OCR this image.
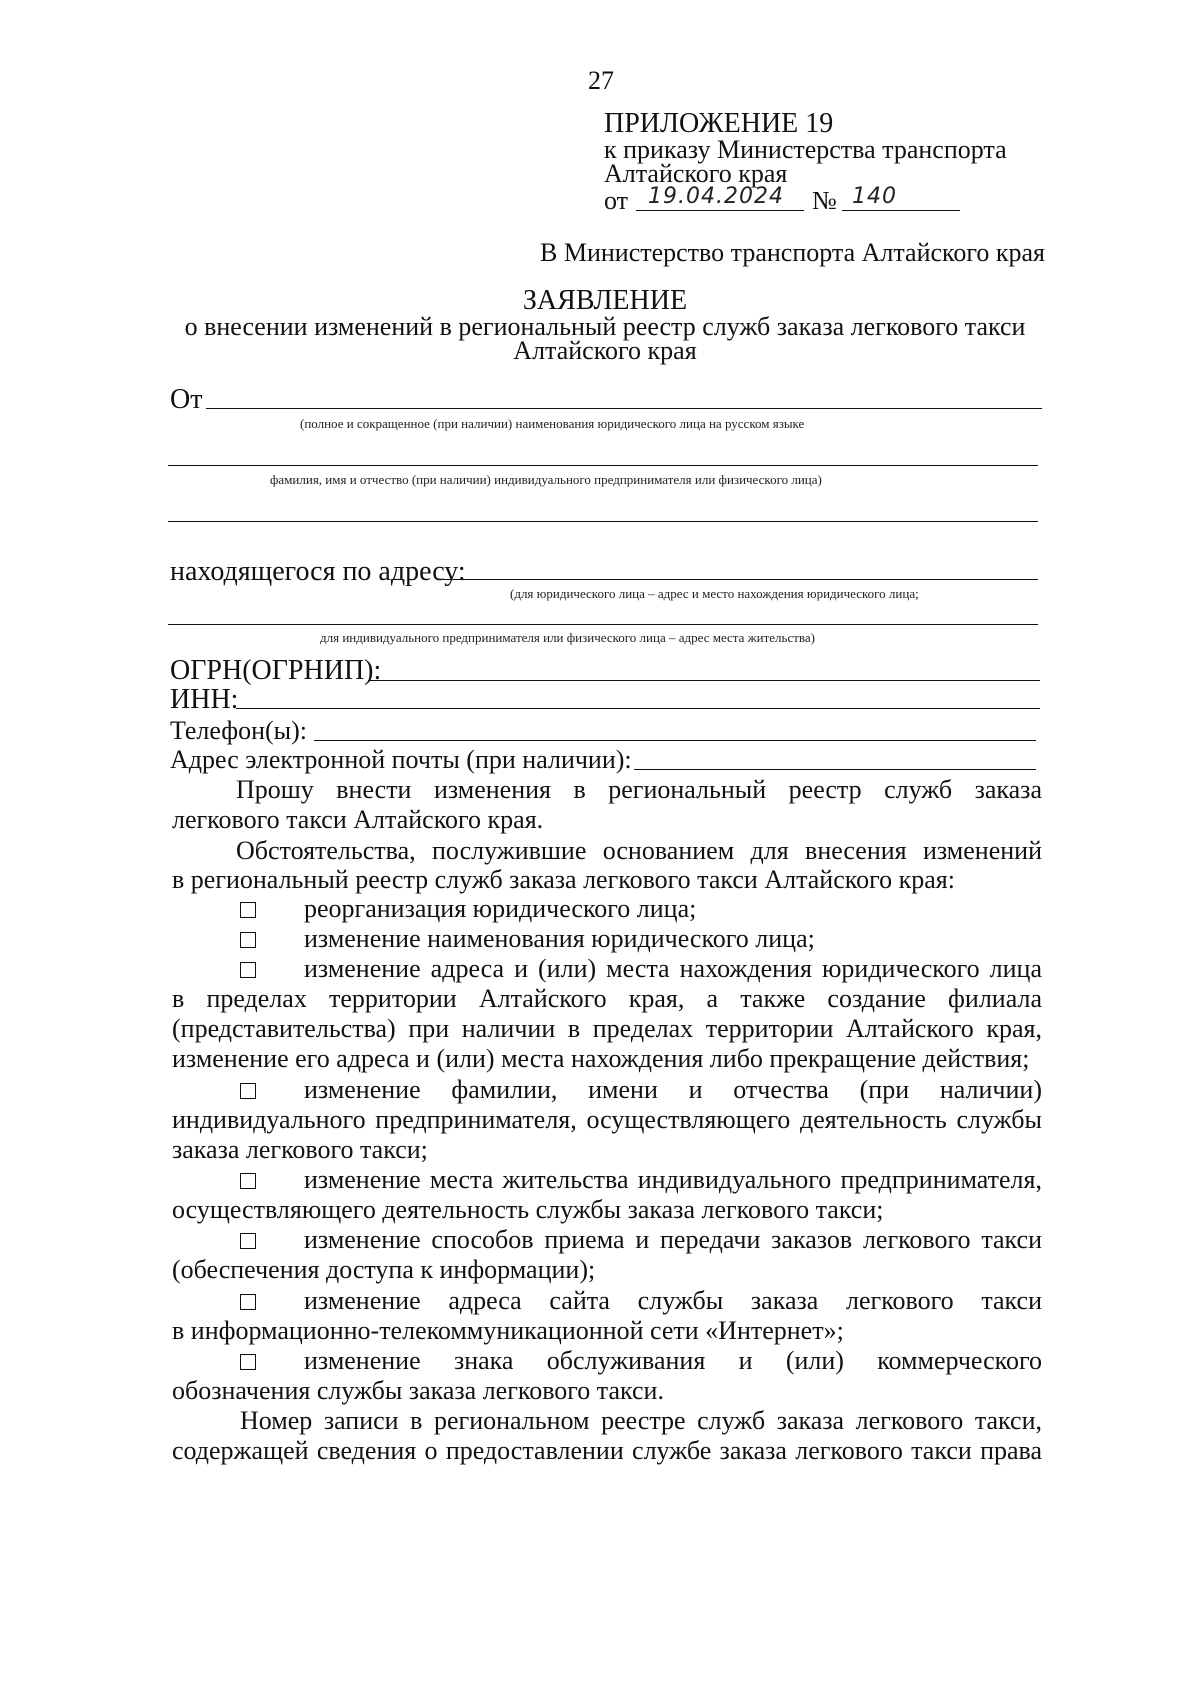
27
ПРИЛОЖЕНИЕ 19
к приказу Министерства транспорта
Алтайского края
от 19.04.2024 № 140
В Министерство транспорта Алтайского края
ЗАЯВЛЕНИЕ
о внесении изменений в региональный реестр служб заказа легкового такси
Алтайского края
От
(полное и сокращенное (при наличии) наименования юридического лица на русском языке
фамилия, имя и отчество (при наличии) индивидуального предпринимателя или физического лица)
находящегося по адресу:
(для юридического лица – адрес и место нахождения юридического лица;
для индивидуального предпринимателя или физического лица – адрес места жительства)
ОГРН(ОГРНИП):
ИНН:
Телефон(ы):
Адрес электронной почты (при наличии):
Прошу внести изменения в региональный реестр служб заказа
легкового такси Алтайского края.
Обстоятельства, послужившие основанием для внесения изменений
в региональный реестр служб заказа легкового такси Алтайского края:
реорганизация юридического лица;
изменение наименования юридического лица;
изменение адреса и (или) места нахождения юридического лица
в пределах территории Алтайского края, а также создание филиала
(представительства) при наличии в пределах территории Алтайского края,
изменение его адреса и (или) места нахождения либо прекращение действия;
изменение фамилии, имени и отчества (при наличии)
индивидуального предпринимателя, осуществляющего деятельность службы
заказа легкового такси;
изменение места жительства индивидуального предпринимателя,
осуществляющего деятельность службы заказа легкового такси;
изменение способов приема и передачи заказов легкового такси
(обеспечения доступа к информации);
изменение адреса сайта службы заказа легкового такси
в информационно-телекоммуникационной сети «Интернет»;
изменение знака обслуживания и (или) коммерческого
обозначения службы заказа легкового такси.
Номер записи в региональном реестре служб заказа легкового такси,
содержащей сведения о предоставлении службе заказа легкового такси права
